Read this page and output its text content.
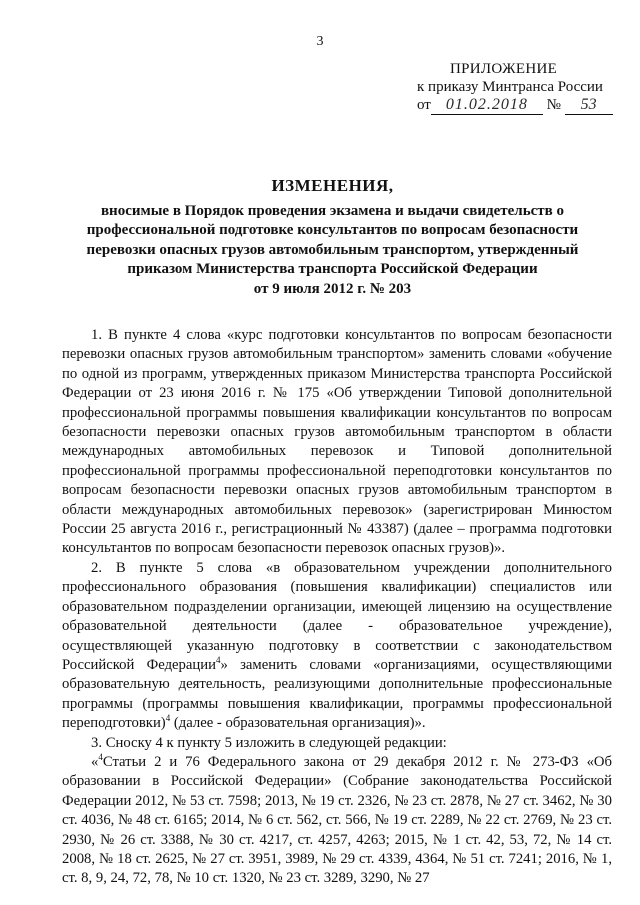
3
ПРИЛОЖЕНИЕ
к приказу Минтранса России
от 01.02.2018 № 53
ИЗМЕНЕНИЯ,
вносимые в Порядок проведения экзамена и выдачи свидетельств о
профессиональной подготовке консультантов по вопросам безопасности
перевозки опасных грузов автомобильным транспортом, утвержденный
приказом Министерства транспорта Российской Федерации
от 9 июля 2012 г. № 203

1. В пункте 4 слова «курс подготовки консультантов по вопросам безопасности перевозки опасных грузов автомобильным транспортом» заменить словами «обучение по одной из программ, утвержденных приказом Министерства транспорта Российской Федерации от 23 июня 2016 г. № 175 «Об утверждении Типовой дополнительной профессиональной программы повышения квалификации консультантов по вопросам безопасности перевозки опасных грузов автомобильным транспортом в области международных автомобильных перевозок и Типовой дополнительной профессиональной программы профессиональной переподготовки консультантов по вопросам безопасности перевозки опасных грузов автомобильным транспортом в области международных автомобильных перевозок» (зарегистрирован Минюстом России 25 августа 2016 г., регистрационный № 43387) (далее – программа подготовки консультантов по вопросам безопасности перевозок опасных грузов)».

2. В пункте 5 слова «в образовательном учреждении дополнительного профессионального образования (повышения квалификации) специалистов или образовательном подразделении организации, имеющей лицензию на осуществление образовательной деятельности (далее - образовательное учреждение), осуществляющей указанную подготовку в соответствии с законодательством Российской Федерации$^4$» заменить словами «организациями, осуществляющими образовательную деятельность, реализующими дополнительные профессиональные программы (программы повышения квалификации, программы профессиональной переподготовки)$^4$ (далее - образовательная организация)».

3. Сноску 4 к пункту 5 изложить в следующей редакции:

«$^4$Статьи 2 и 76 Федерального закона от 29 декабря 2012 г. № 273-ФЗ «Об образовании в Российской Федерации» (Собрание законодательства Российской Федерации 2012, № 53 ст. 7598; 2013, № 19 ст. 2326, № 23 ст. 2878, № 27 ст. 3462, № 30 ст. 4036, № 48 ст. 6165; 2014, № 6 ст. 562, ст. 566, № 19 ст. 2289, № 22 ст. 2769, № 23 ст. 2930, № 26 ст. 3388, № 30 ст. 4217, ст. 4257, 4263; 2015, № 1 ст. 42, 53, 72, № 14 ст. 2008, № 18 ст. 2625, № 27 ст. 3951, 3989, № 29 ст. 4339, 4364, № 51 ст. 7241; 2016, № 1, ст. 8, 9, 24, 72, 78, № 10 ст. 1320, № 23 ст. 3289, 3290, № 27
